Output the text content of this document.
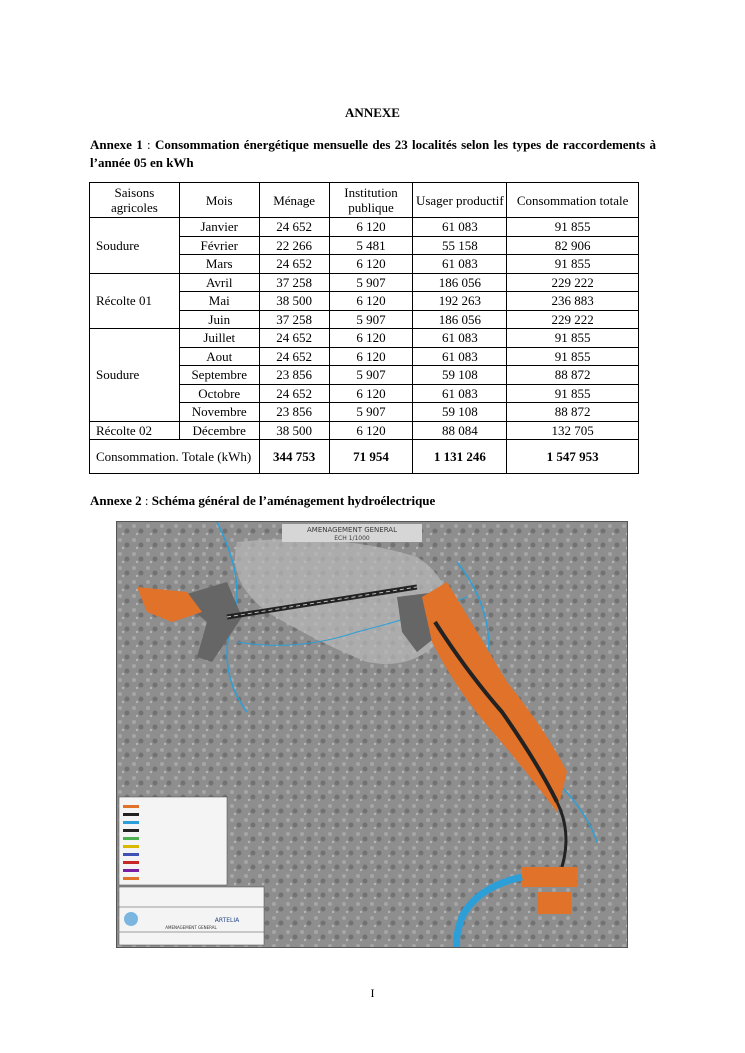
ANNEXE
Annexe 1 : Consommation énergétique mensuelle des 23 localités selon les types de raccordements à l’année 05 en kWh
Saisons agricoles	Mois	Ménage	Institution publique	Usager productif	Consommation totale
Soudure	Janvier	24 652	6 120	61 083	91 855
	Février	22 266	5 481	55 158	82 906
	Mars	24 652	6 120	61 083	91 855
Récolte 01	Avril	37 258	5 907	186 056	229 222
	Mai	38 500	6 120	192 263	236 883
	Juin	37 258	5 907	186 056	229 222
Soudure	Juillet	24 652	6 120	61 083	91 855
	Aout	24 652	6 120	61 083	91 855
	Septembre	23 856	5 907	59 108	88 872
	Octobre	24 652	6 120	61 083	91 855
	Novembre	23 856	5 907	59 108	88 872
Récolte 02	Décembre	38 500	6 120	88 084	132 705
Consommation. Totale (kWh)		344 753	71 954	1 131 246	1 547 953
Annexe 2 : Schéma général de l’aménagement hydroélectrique
AMENAGEMENT GENERAL
ECH 1/1000
ARTELIA
AMENAGEMENT GENERAL
I
